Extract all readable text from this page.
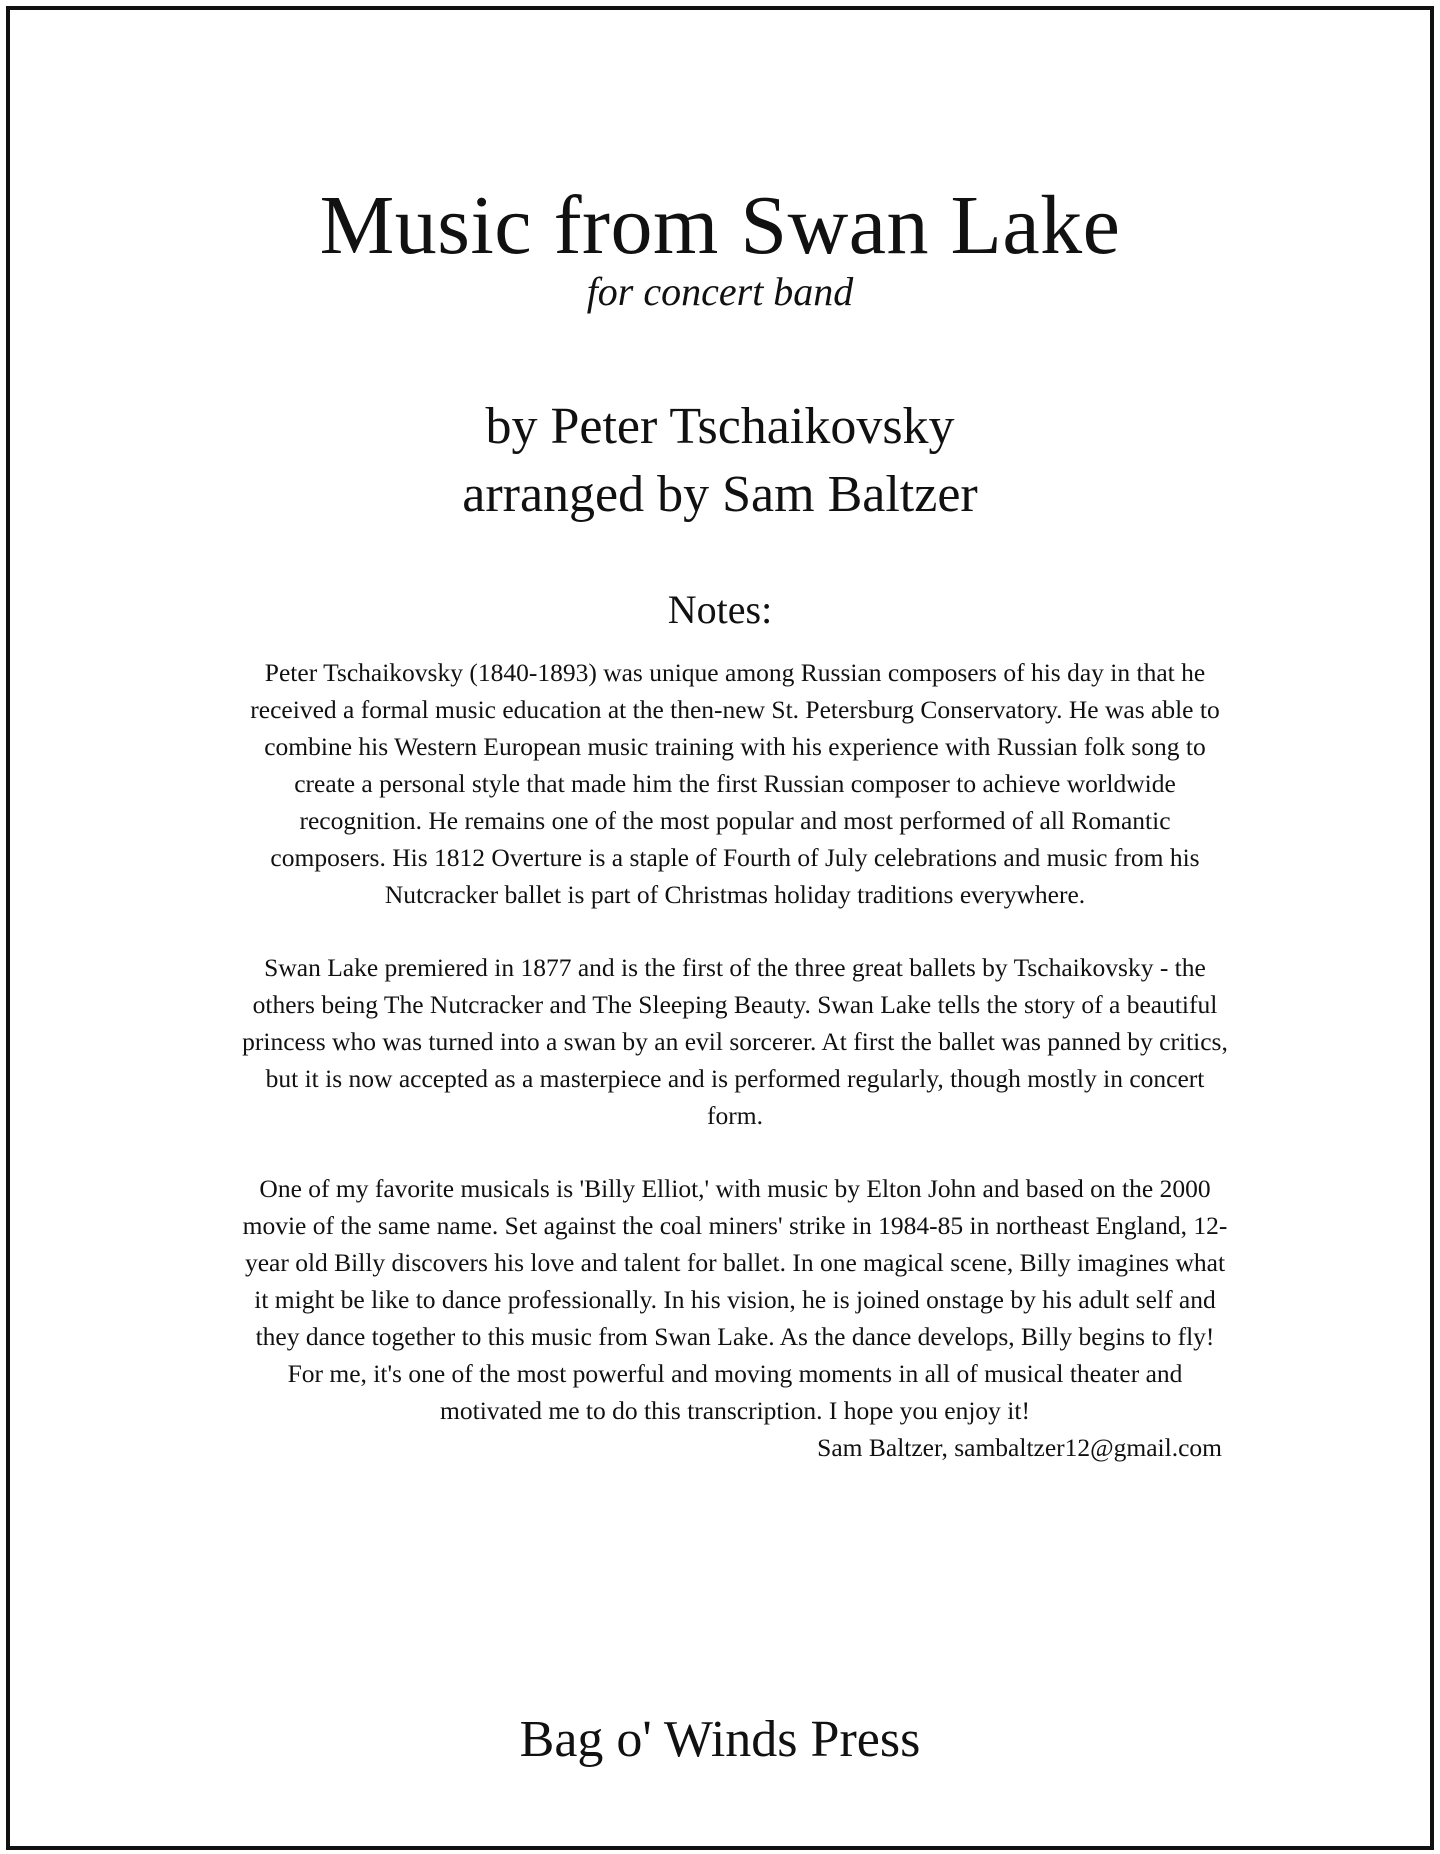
Music from Swan Lake
for concert band
by Peter Tschaikovsky
arranged by Sam Baltzer
Notes:

Peter Tschaikovsky (1840-1893) was unique among Russian composers of his day in that he received a formal music education at the then-new St. Petersburg Conservatory. He was able to combine his Western European music training with his experience with Russian folk song to create a personal style that made him the first Russian composer to achieve worldwide recognition. He remains one of the most popular and most performed of all Romantic composers. His 1812 Overture is a staple of Fourth of July celebrations and music from his Nutcracker ballet is part of Christmas holiday traditions everywhere.

Swan Lake premiered in 1877 and is the first of the three great ballets by Tschaikovsky - the others being The Nutcracker and The Sleeping Beauty. Swan Lake tells the story of a beautiful princess who was turned into a swan by an evil sorcerer. At first the ballet was panned by critics, but it is now accepted as a masterpiece and is performed regularly, though mostly in concert form.

One of my favorite musicals is 'Billy Elliot,' with music by Elton John and based on the 2000 movie of the same name. Set against the coal miners' strike in 1984-85 in northeast England, 12-year old Billy discovers his love and talent for ballet. In one magical scene, Billy imagines what it might be like to dance professionally. In his vision, he is joined onstage by his adult self and they dance together to this music from Swan Lake. As the dance develops, Billy begins to fly! For me, it's one of the most powerful and moving moments in all of musical theater and motivated me to do this transcription. I hope you enjoy it!

Sam Baltzer, sambaltzer12@gmail.com
Bag o' Winds Press
